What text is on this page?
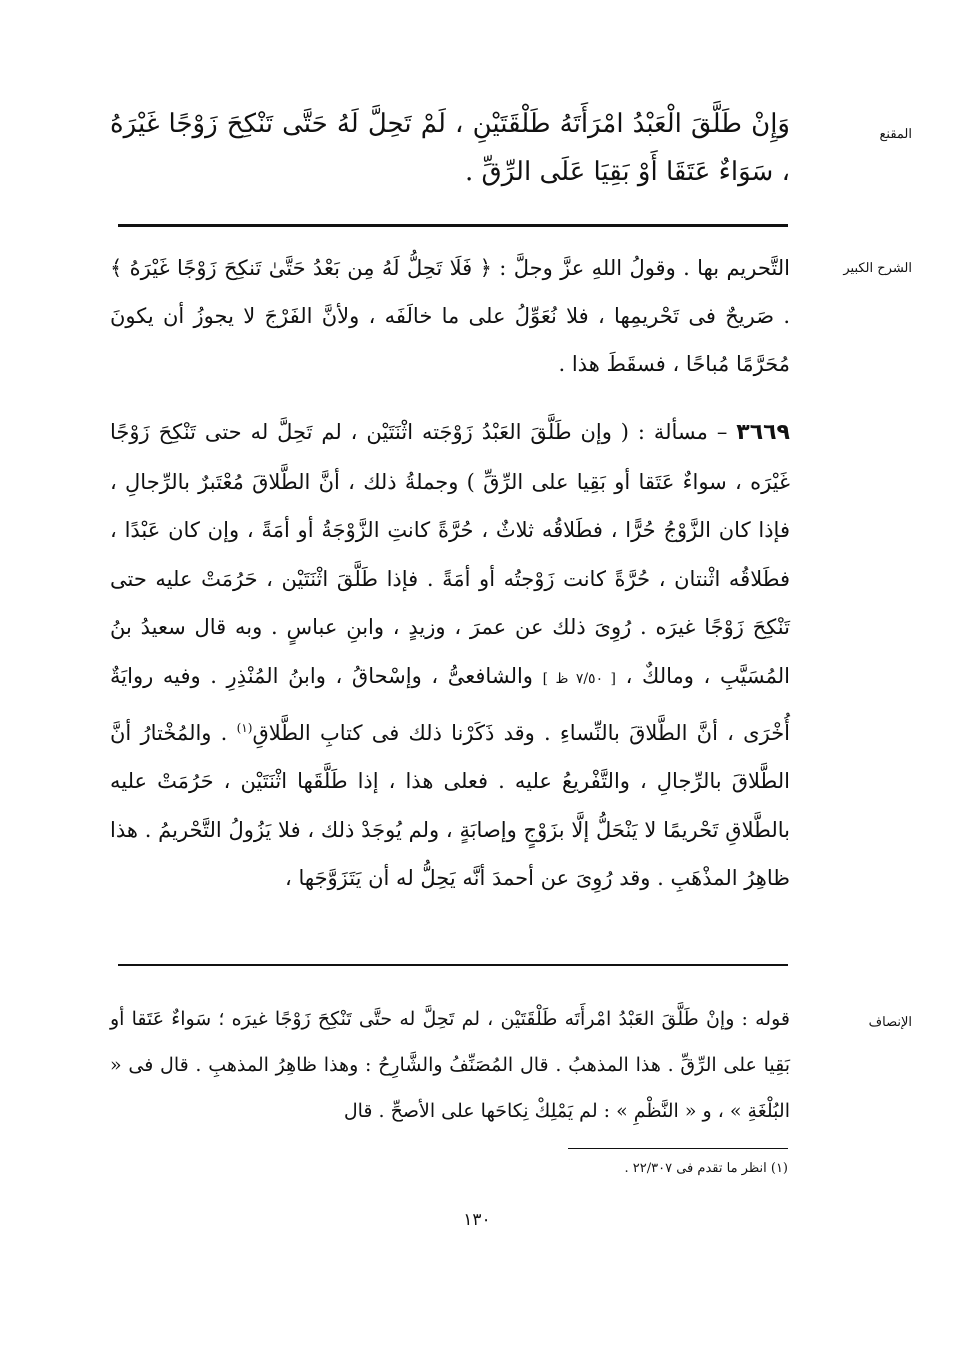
المقنع
وَإِنْ طَلَّقَ الْعَبْدُ امْرَأَتَهُ طَلْقَتَيْنِ ، لَمْ تَحِلَّ لَهُ حَتَّى تَنْكِحَ زَوْجًا غَيْرَهُ ، سَوَاءٌ عَتَقَا أَوْ بَقِيَا عَلَى الرِّقِّ .
الشرح الكبير
التَّحريم بها . وقولُ اللهِ عزَّ وجلَّ : ﴿ فَلَا تَحِلُّ لَهُ مِن بَعْدُ حَتَّىٰ تَنكِحَ زَوْجًا غَيْرَهُ ﴾ . صَريحٌ فى تَحْريمِها ، فلا نُعَوِّلُ على ما خالَفَه ، ولأنَّ الفَرْجَ لا يجوزُ أن يكونَ مُحَرَّمًا مُباحًا ، فسقَطَ هذا .
٣٦٦٩ – مسألة : ( وإن طَلَّقَ العَبْدُ زَوْجَته اثْنَتَيْن ، لم تَحِلَّ له حتى تَنْكِحَ زَوْجًا غَيْرَه ، سواءٌ عَتَقا أو بَقِيا على الرِّقِّ ) وجملةُ ذلك ، أنَّ الطَّلاقَ مُعْتَبرٌ بالرِّجالِ ، فإذا كان الزَّوْجُ حُرًّا ، فطَلاقُه ثلاثٌ ، حُرَّةً كانتِ الزَّوْجَةُ أو أمَةً ، وإن كان عَبْدًا ، فطَلاقُه اثْنتان ، حُرَّةً كانت زَوْجتُه أو أمَةً . فإذا طَلَّقَ اثْنَتَيْن ، حَرُمَتْ عليه حتى تَنْكِحَ زَوْجًا غيرَه . رُوِىَ ذلك عن عمرَ ، وزيدٍ ، وابنِ عباسٍ . وبه قال سعيدُ بنُ المُسَيَّبِ ، ومالكٌ ، [ ٧/٥٠ ظ ] والشافعىُّ ، وإسْحاقُ ، وابنُ المُنْذِرِ . وفيه روايَةٌ أُخْرَى ، أنَّ الطَّلاقَ بالنِّساءِ . وقد ذَكَرْنا ذلك فى كتابِ الطَّلاقِ$^{(١)}$ . والمُخْتارُ أنَّ الطَّلاقَ بالرِّجالِ ، والتَّفْريعُ عليه . فعلى هذا ، إذا طَلَّقَها اثْنَتَيْن ، حَرُمَتْ عليه بالطَّلاقِ تَحْريمًا لا يَنْحَلُّ إلَّا بزَوْجٍ وإصابَةٍ ، ولم يُوجَدْ ذلك ، فلا يَزُولُ التَّحْريمُ . هذا ظاهِرُ المذْهَبِ . وقد رُوِىَ عن أحمدَ أنَّه يَحِلُّ له أن يَتَزَوَّجَها ،
الإنصاف
قوله : وإنْ طَلَّقَ العَبْدُ امْرأَتَه طَلْقَتَيْن ، لم تَحِلَّ له حتَّى تَنْكِحَ زَوْجًا غيرَه ؛ سَواءٌ عَتَقا أو بَقِيا على الرِّقِّ . هذا المذهبُ . قال المُصَنِّفُ والشَّارِحُ : وهذا ظاهِرُ المذهبِ . قال فى « البُلْغَةِ » ، و « النَّظْمِ » : لم يَمْلِكْ نِكاحَها على الأصحِّ . قال
(١) انظر ما تقدم فى ٢٢/٣٠٧ .
١٣٠
